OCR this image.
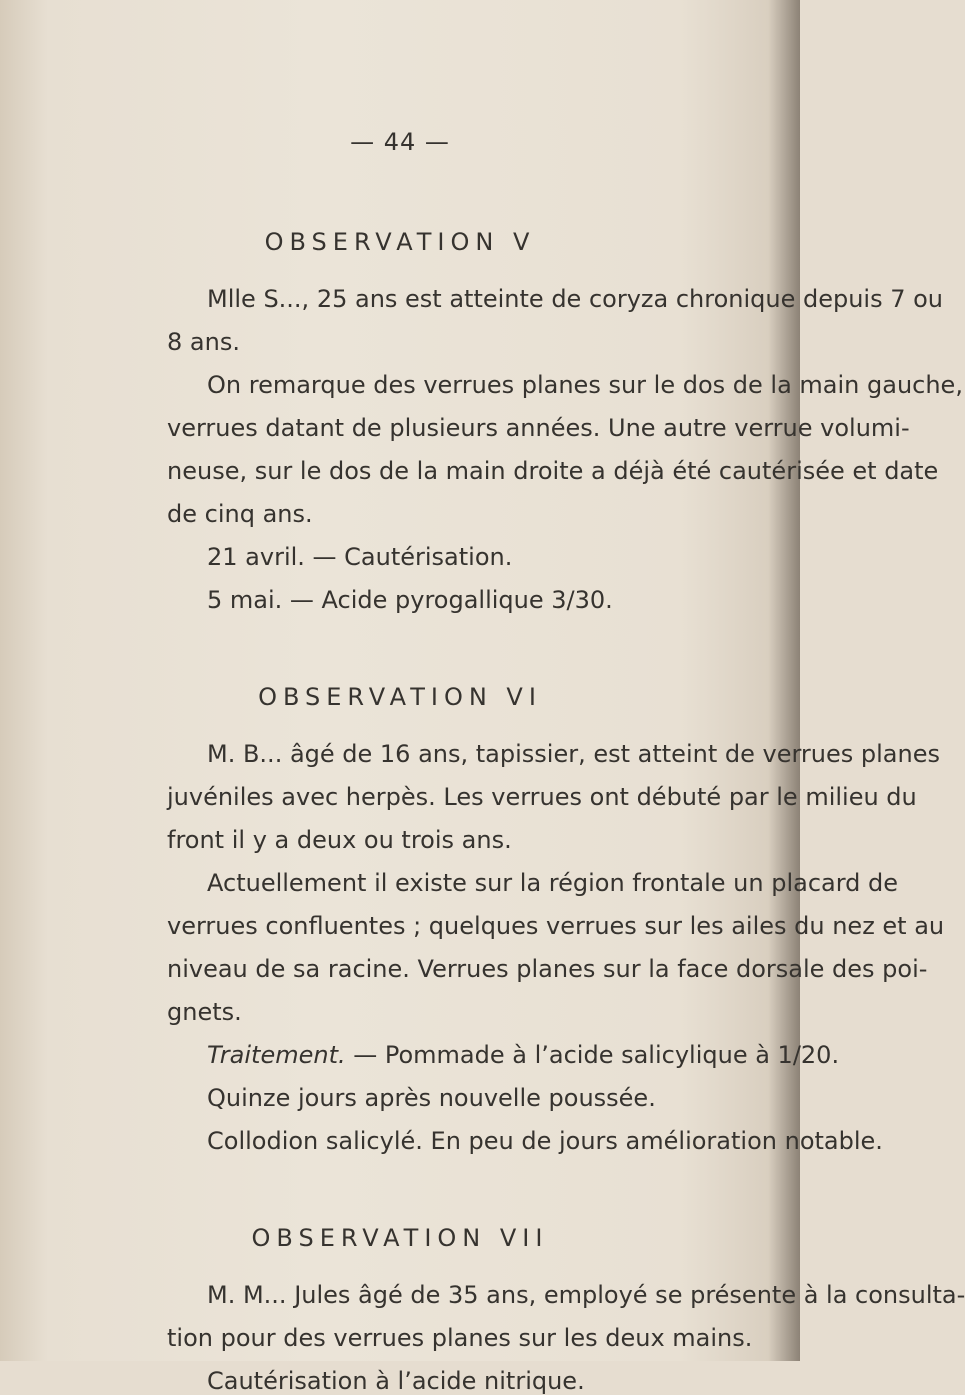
— 44 —
OBSERVATION V
Mlle S..., 25 ans est atteinte de coryza chronique depuis 7 ou
8 ans.
On remarque des verrues planes sur le dos de la main gauche,
verrues datant de plusieurs années. Une autre verrue volumi-
neuse, sur le dos de la main droite a déjà été cautérisée et date
de cinq ans.
21 avril. — Cautérisation.
5 mai. — Acide pyrogallique 3/30.
OBSERVATION VI
M. B... âgé de 16 ans, tapissier, est atteint de verrues planes
juvéniles avec herpès. Les verrues ont débuté par le milieu du
front il y a deux ou trois ans.
Actuellement il existe sur la région frontale un placard de
verrues confluentes ; quelques verrues sur les ailes du nez et au
niveau de sa racine. Verrues planes sur la face dorsale des poi-
gnets.
Traitement. — Pommade à l’acide salicylique à 1/20.
Quinze jours après nouvelle poussée.
Collodion salicylé. En peu de jours amélioration notable.
OBSERVATION VII
M. M... Jules âgé de 35 ans, employé se présente à la consulta-
tion pour des verrues planes sur les deux mains.
Cautérisation à l’acide nitrique.
